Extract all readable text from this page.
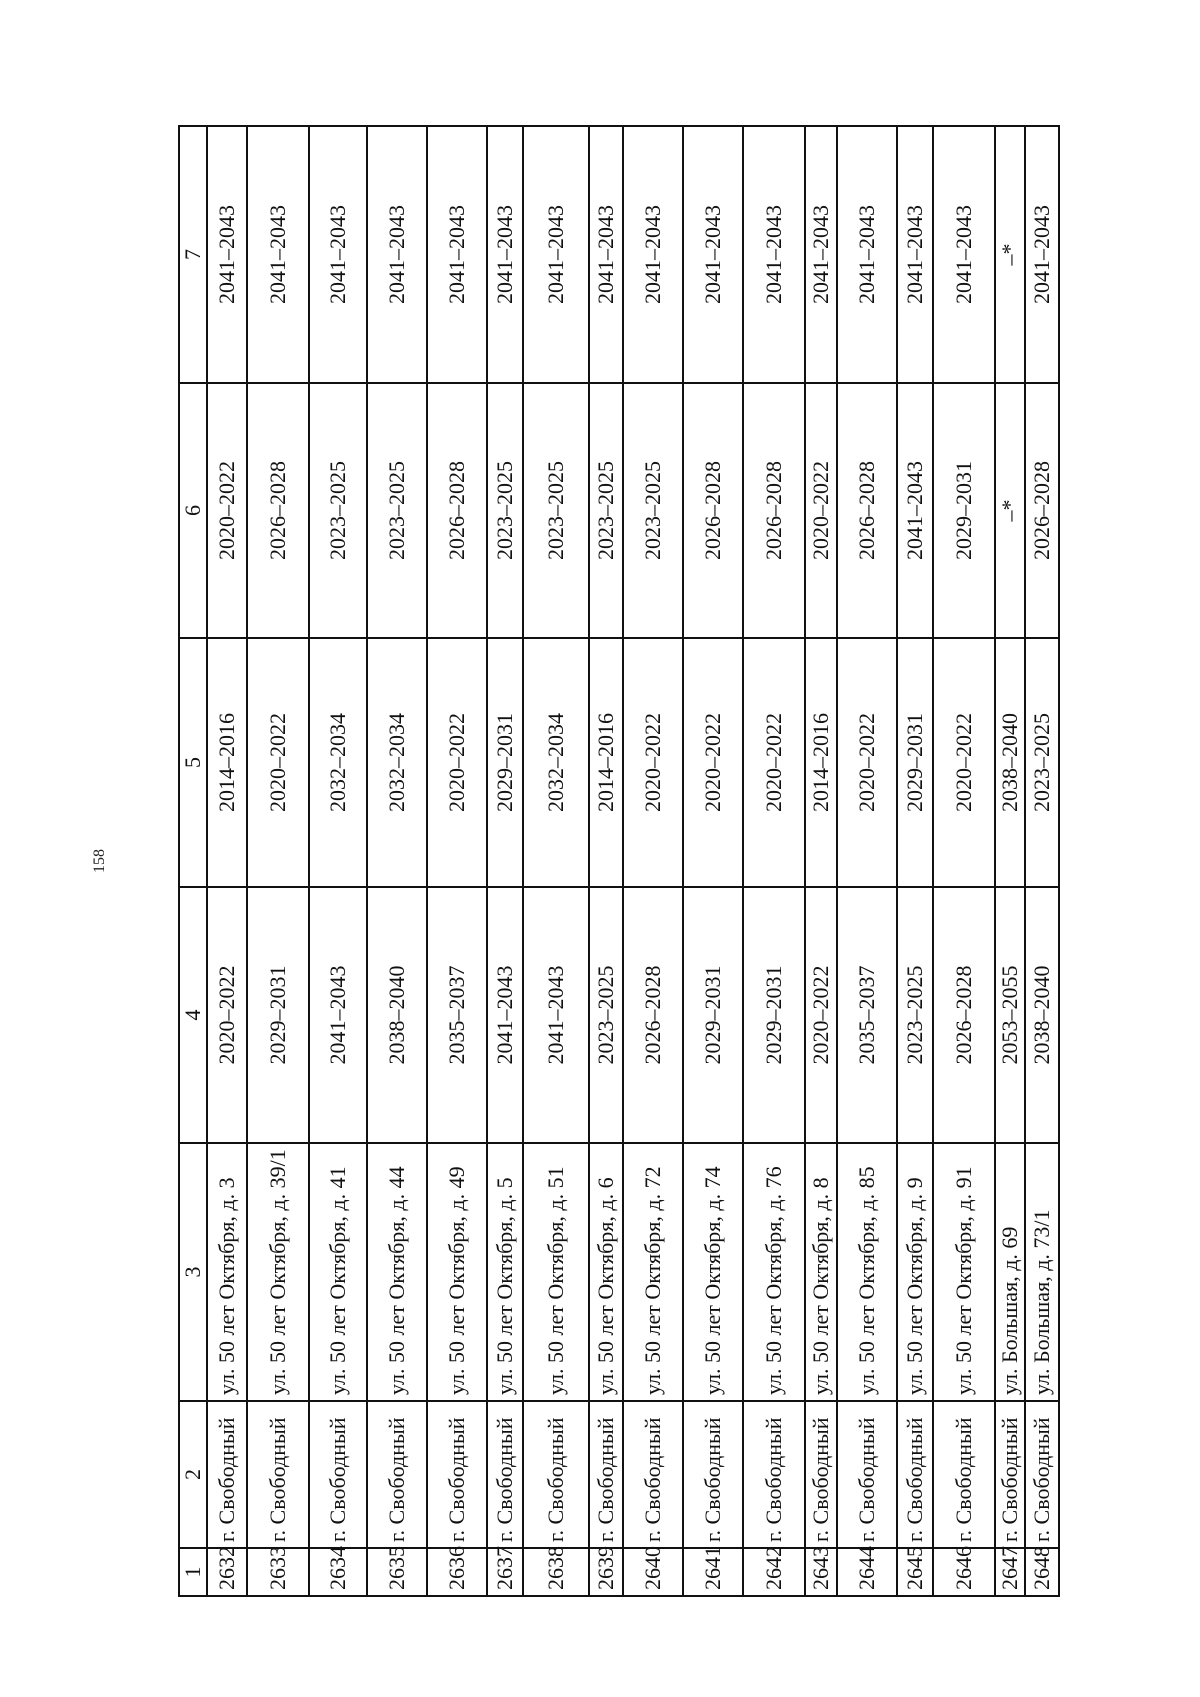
158
1	2	3	4	5	6	7
2632	г. Свободный	ул. 50 лет Октября, д. 3	2020–2022	2014–2016	2020–2022	2041–2043
2633	г. Свободный	ул. 50 лет Октября, д. 39/1	2029–2031	2020–2022	2026–2028	2041–2043
2634	г. Свободный	ул. 50 лет Октября, д. 41	2041–2043	2032–2034	2023–2025	2041–2043
2635	г. Свободный	ул. 50 лет Октября, д. 44	2038–2040	2032–2034	2023–2025	2041–2043
2636	г. Свободный	ул. 50 лет Октября, д. 49	2035–2037	2020–2022	2026–2028	2041–2043
2637	г. Свободный	ул. 50 лет Октября, д. 5	2041–2043	2029–2031	2023–2025	2041–2043
2638	г. Свободный	ул. 50 лет Октября, д. 51	2041–2043	2032–2034	2023–2025	2041–2043
2639	г. Свободный	ул. 50 лет Октября, д. 6	2023–2025	2014–2016	2023–2025	2041–2043
2640	г. Свободный	ул. 50 лет Октября, д. 72	2026–2028	2020–2022	2023–2025	2041–2043
2641	г. Свободный	ул. 50 лет Октября, д. 74	2029–2031	2020–2022	2026–2028	2041–2043
2642	г. Свободный	ул. 50 лет Октября, д. 76	2029–2031	2020–2022	2026–2028	2041–2043
2643	г. Свободный	ул. 50 лет Октября, д. 8	2020–2022	2014–2016	2020–2022	2041–2043
2644	г. Свободный	ул. 50 лет Октября, д. 85	2035–2037	2020–2022	2026–2028	2041–2043
2645	г. Свободный	ул. 50 лет Октября, д. 9	2023–2025	2029–2031	2041–2043	2041–2043
2646	г. Свободный	ул. 50 лет Октября, д. 91	2026–2028	2020–2022	2029–2031	2041–2043
2647	г. Свободный	ул. Большая, д. 69	2053–2055	2038–2040	–*	–*
2648	г. Свободный	ул. Большая, д. 73/1	2038–2040	2023–2025	2026–2028	2041–2043
